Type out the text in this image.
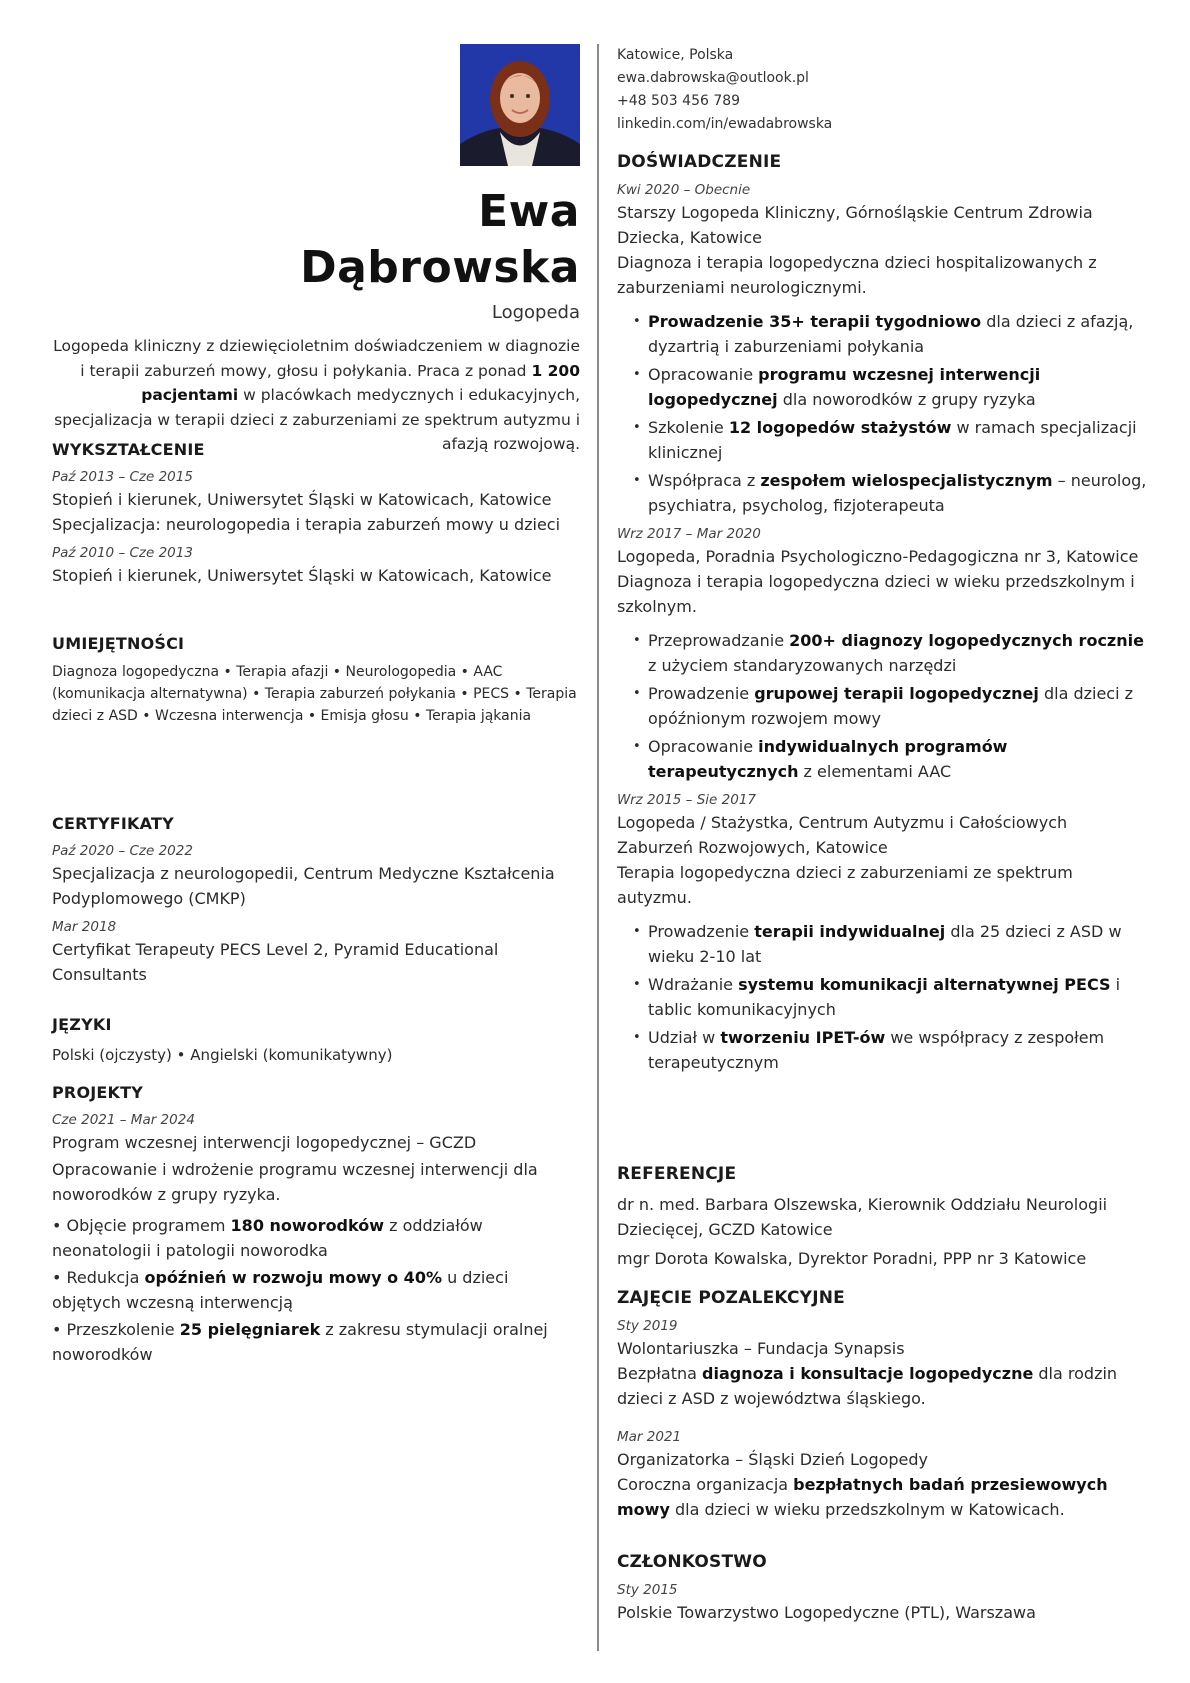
Ewa
Dąbrowska
Logopeda
Logopeda kliniczny z dziewięcioletnim doświadczeniem w diagnozie i terapii zaburzeń mowy, głosu i połykania. Praca z ponad 1 200 pacjentami w placówkach medycznych i edukacyjnych, specjalizacja w terapii dzieci z zaburzeniami ze spektrum autyzmu i afazją rozwojową.
WYKSZTAŁCENIE
Paź 2013 – Cze 2015
Stopień i kierunek, Uniwersytet Śląski w Katowicach, Katowice
Specjalizacja: neurologopedia i terapia zaburzeń mowy u dzieci
Paź 2010 – Cze 2013
Stopień i kierunek, Uniwersytet Śląski w Katowicach, Katowice
UMIEJĘTNOŚCI
Diagnoza logopedyczna • Terapia afazji • Neurologopedia • AAC (komunikacja alternatywna) • Terapia zaburzeń połykania • PECS • Terapia dzieci z ASD • Wczesna interwencja • Emisja głosu • Terapia jąkania
CERTYFIKATY
Paź 2020 – Cze 2022
Specjalizacja z neurologopedii, Centrum Medyczne Kształcenia Podyplomowego (CMKP)
Mar 2018
Certyfikat Terapeuty PECS Level 2, Pyramid Educational Consultants
JĘZYKI
Polski (ojczysty) • Angielski (komunikatywny)
PROJEKTY
Cze 2021 – Mar 2024
Program wczesnej interwencji logopedycznej – GCZD
Opracowanie i wdrożenie programu wczesnej interwencji dla noworodków z grupy ryzyka.
• Objęcie programem 180 noworodków z oddziałów neonatologii i patologii noworodka
• Redukcja opóźnień w rozwoju mowy o 40% u dzieci objętych wczesną interwencją
• Przeszkolenie 25 pielęgniarek z zakresu stymulacji oralnej noworodków
Katowice, Polska
ewa.dabrowska@outlook.pl
+48 503 456 789
linkedin.com/in/ewadabrowska
DOŚWIADCZENIE
Kwi 2020 – Obecnie
Starszy Logopeda Kliniczny, Górnośląskie Centrum Zdrowia Dziecka, Katowice
Diagnoza i terapia logopedyczna dzieci hospitalizowanych z zaburzeniami neurologicznymi.
• Prowadzenie 35+ terapii tygodniowo dla dzieci z afazją, dyzartrią i zaburzeniami połykania
• Opracowanie programu wczesnej interwencji logopedycznej dla noworodków z grupy ryzyka
• Szkolenie 12 logopedów stażystów w ramach specjalizacji klinicznej
• Współpraca z zespołem wielospecjalistycznym – neurolog, psychiatra, psycholog, fizjoterapeuta
Wrz 2017 – Mar 2020
Logopeda, Poradnia Psychologiczno-Pedagogiczna nr 3, Katowice
Diagnoza i terapia logopedyczna dzieci w wieku przedszkolnym i szkolnym.
• Przeprowadzanie 200+ diagnozy logopedycznych rocznie z użyciem standaryzowanych narzędzi
• Prowadzenie grupowej terapii logopedycznej dla dzieci z opóźnionym rozwojem mowy
• Opracowanie indywidualnych programów terapeutycznych z elementami AAC
Wrz 2015 – Sie 2017
Logopeda / Stażystka, Centrum Autyzmu i Całościowych Zaburzeń Rozwojowych, Katowice
Terapia logopedyczna dzieci z zaburzeniami ze spektrum autyzmu.
• Prowadzenie terapii indywidualnej dla 25 dzieci z ASD w wieku 2-10 lat
• Wdrażanie systemu komunikacji alternatywnej PECS i tablic komunikacyjnych
• Udział w tworzeniu IPET-ów we współpracy z zespołem terapeutycznym
REFERENCJE
dr n. med. Barbara Olszewska, Kierownik Oddziału Neurologii Dziecięcej, GCZD Katowice
mgr Dorota Kowalska, Dyrektor Poradni, PPP nr 3 Katowice
ZAJĘCIE POZALEKCYJNE
Sty 2019
Wolontariuszka – Fundacja Synapsis
Bezpłatna diagnoza i konsultacje logopedyczne dla rodzin dzieci z ASD z województwa śląskiego.
Mar 2021
Organizatorka – Śląski Dzień Logopedy
Coroczna organizacja bezpłatnych badań przesiewowych mowy dla dzieci w wieku przedszkolnym w Katowicach.
CZŁONKOSTWO
Sty 2015
Polskie Towarzystwo Logopedyczne (PTL), Warszawa
